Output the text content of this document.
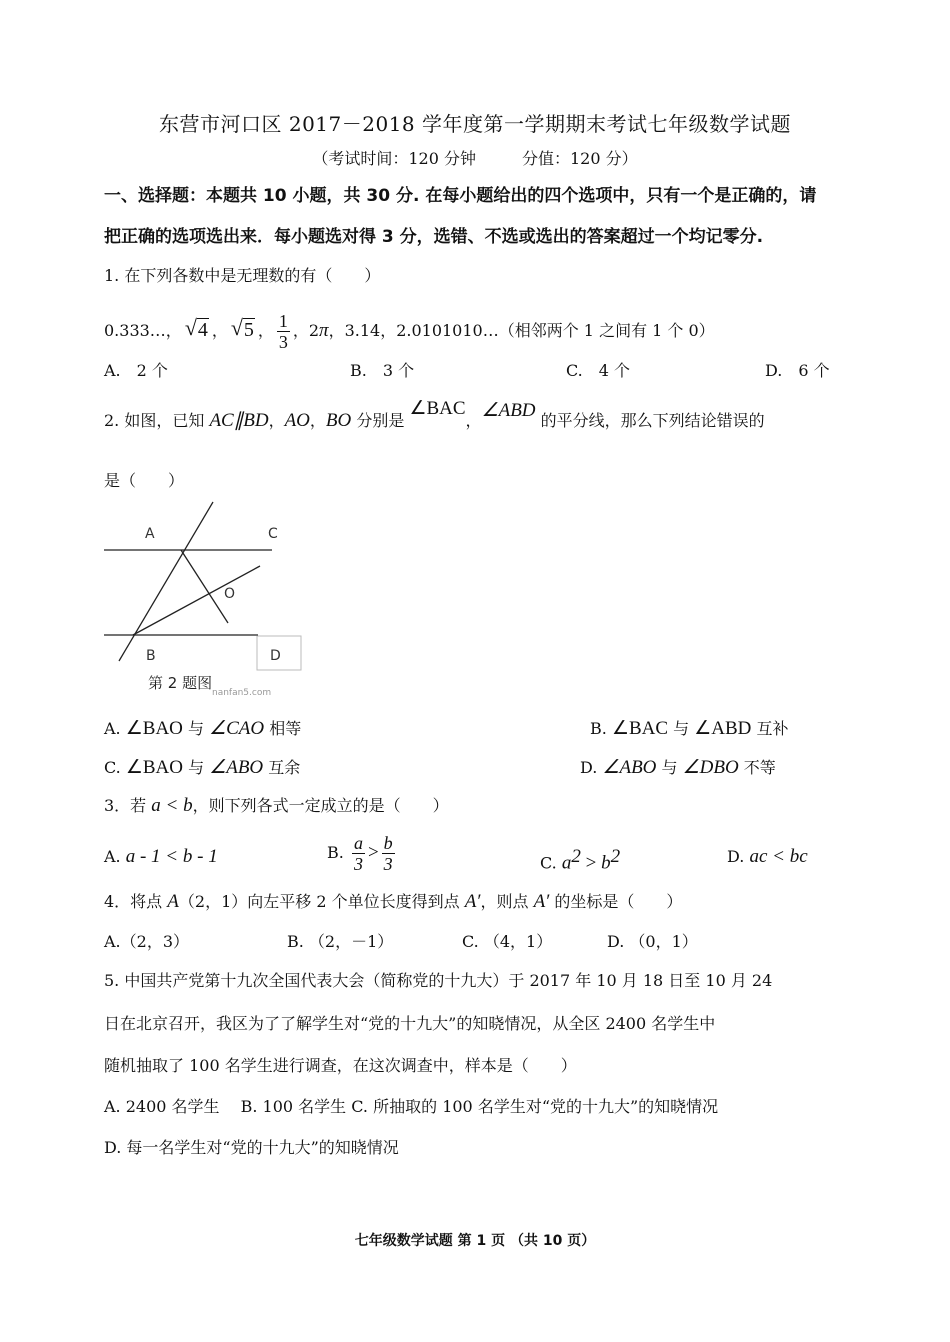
东营市河口区 2017－2018 学年度第一学期期末考试七年级数学试题
（考试时间：120 分钟	分值：120 分）
一、选择题：本题共 10 小题，共 30 分. 在每小题给出的四个选项中，只有一个是正确的，请
把正确的选项选出来．每小题选对得 3 分，选错、不选或选出的答案超过一个均记零分.
1. 在下列各数中是无理数的有（　　）
0.333…， √ 4 ， √ 5 ， $\frac{1}{3}$ ，2π，3.14，2.0101010…（相邻两个 1 之间有 1 个 0）
A.　2 个	B.　3 个	C.　4 个	D.　6 个
2. 如图，已知 AC∥BD，AO，BO 分别是 ∠BAC，∠ABD 的平分线，那么下列结论错误的
是（　　）
A	C
O
B	D
第 2 题图
nanfan5.com
A. ∠BAO 与 ∠CAO 相等	B. ∠BAC 与 ∠ABD 互补
C. ∠BAO 与 ∠ABO 互余	D. ∠ABO 与 ∠DBO 不等
3．若 a < b，则下列各式一定成立的是（　　）
A. a - 1 < b - 1	B. $\frac{a}{3} > \frac{b}{3}$	C. $a^2 > b^2$	D. ac < bc
4．将点 A（2，1）向左平移 2 个单位长度得到点 A′，则点 A′ 的坐标是（　　）
A.（2，3）	B. （2，－1）	C. （4，1）	D. （0，1）
5. 中国共产党第十九次全国代表大会（简称党的十九大）于 2017 年 10 月 18 日至 10 月 24
日在北京召开，我区为了了解学生对“党的十九大”的知晓情况，从全区 2400 名学生中
随机抽取了 100 名学生进行调查，在这次调查中，样本是（　　）
A. 2400 名学生　 B. 100 名学生 C. 所抽取的 100 名学生对“党的十九大”的知晓情况
D. 每一名学生对“党的十九大”的知晓情况
七年级数学试题 第 1 页 （共 10 页）
